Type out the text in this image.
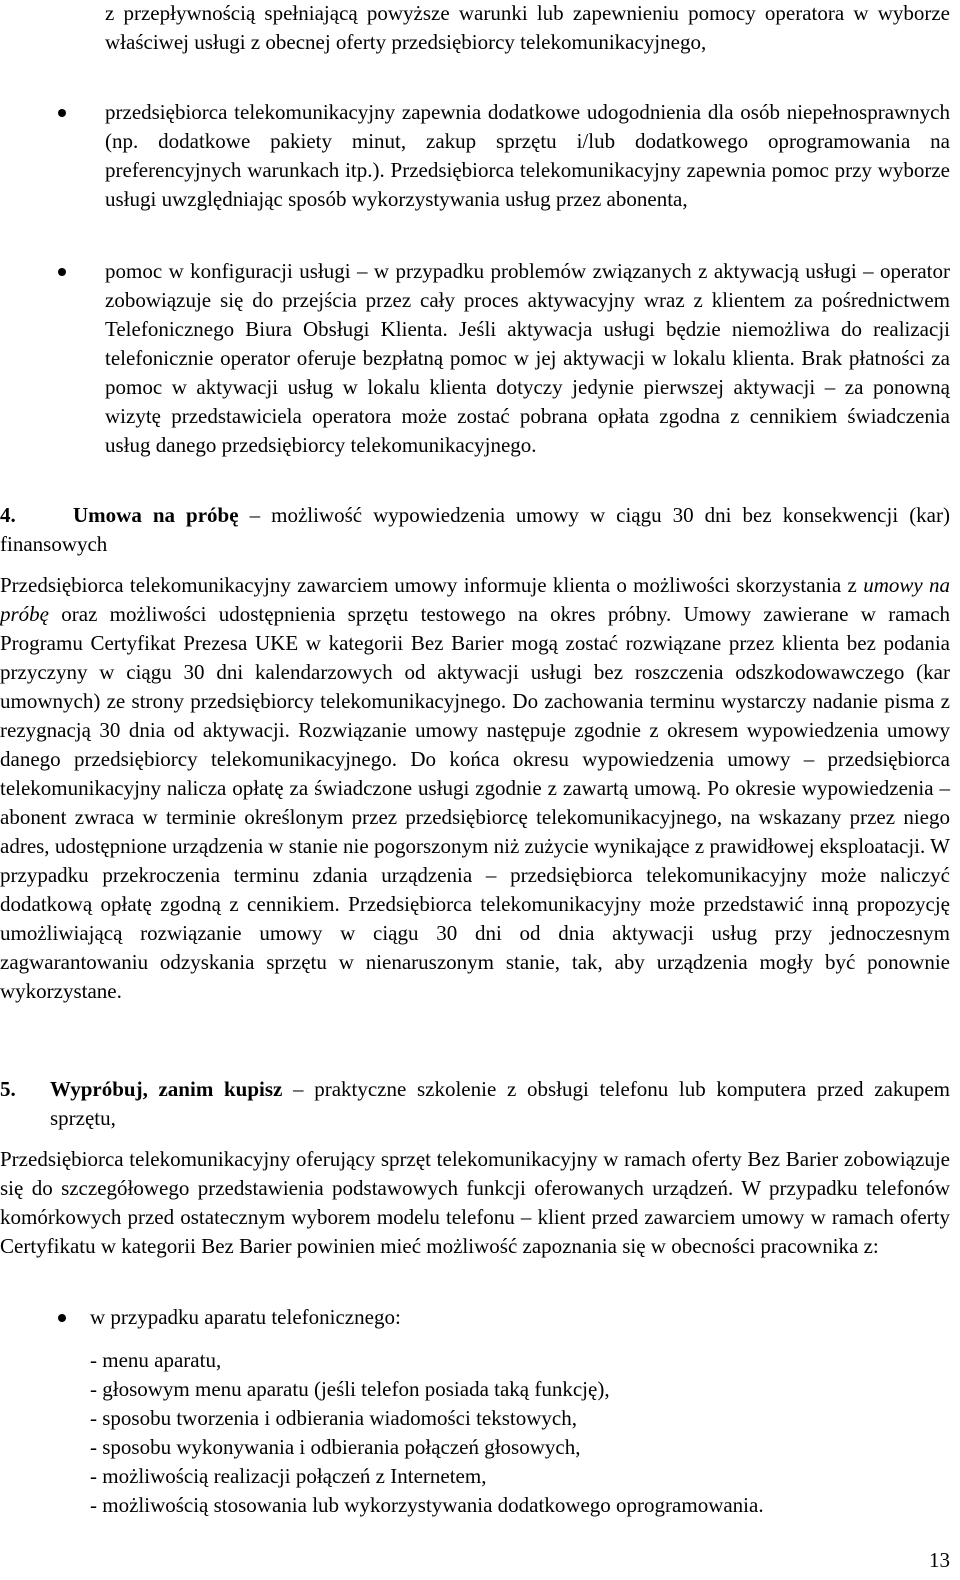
z przepływnością spełniającą powyższe warunki lub zapewnieniu pomocy operatora w wyborze właściwej usługi z obecnej oferty przedsiębiorcy telekomunikacyjnego,

przedsiębiorca telekomunikacyjny zapewnia dodatkowe udogodnienia dla osób niepełnosprawnych (np. dodatkowe pakiety minut, zakup sprzętu i/lub dodatkowego oprogramowania na preferencyjnych warunkach itp.). Przedsiębiorca telekomunikacyjny zapewnia pomoc przy wyborze usługi uwzględniając sposób wykorzystywania usług przez abonenta,

pomoc w konfiguracji usługi – w przypadku problemów związanych z aktywacją usługi – operator zobowiązuje się do przejścia przez cały proces aktywacyjny wraz z klientem za pośrednictwem Telefonicznego Biura Obsługi Klienta. Jeśli aktywacja usługi będzie niemożliwa do realizacji telefonicznie operator oferuje bezpłatną pomoc w jej aktywacji w lokalu klienta. Brak płatności za pomoc w aktywacji usług w lokalu klienta dotyczy jedynie pierwszej aktywacji – za ponowną wizytę przedstawiciela operatora może zostać pobrana opłata zgodna z cennikiem świadczenia usług danego przedsiębiorcy telekomunikacyjnego.

4.	Umowa na próbę – możliwość wypowiedzenia umowy w ciągu 30 dni bez konsekwencji (kar) finansowych

Przedsiębiorca telekomunikacyjny zawarciem umowy informuje klienta o możliwości skorzystania z umowy na próbę oraz możliwości udostępnienia sprzętu testowego na okres próbny. Umowy zawierane w ramach Programu Certyfikat Prezesa UKE w kategorii Bez Barier mogą zostać rozwiązane przez klienta bez podania przyczyny w ciągu 30 dni kalendarzowych od aktywacji usługi bez roszczenia odszkodowawczego (kar umownych) ze strony przedsiębiorcy telekomunikacyjnego. Do zachowania terminu wystarczy nadanie pisma z rezygnacją 30 dnia od aktywacji. Rozwiązanie umowy następuje zgodnie z okresem wypowiedzenia umowy danego przedsiębiorcy telekomunikacyjnego. Do końca okresu wypowiedzenia umowy – przedsiębiorca telekomunikacyjny nalicza opłatę za świadczone usługi zgodnie z zawartą umową. Po okresie wypowiedzenia – abonent zwraca w terminie określonym przez przedsiębiorcę telekomunikacyjnego, na wskazany przez niego adres, udostępnione urządzenia w stanie nie pogorszonym niż zużycie wynikające z prawidłowej eksploatacji. W przypadku przekroczenia terminu zdania urządzenia – przedsiębiorca telekomunikacyjny może naliczyć dodatkową opłatę zgodną z cennikiem. Przedsiębiorca telekomunikacyjny może przedstawić inną propozycję umożliwiającą rozwiązanie umowy w ciągu 30 dni od dnia aktywacji usług przy jednoczesnym zagwarantowaniu odzyskania sprzętu w nienaruszonym stanie, tak, aby urządzenia mogły być ponownie wykorzystane.

5. Wypróbuj, zanim kupisz – praktyczne szkolenie z obsługi telefonu lub komputera przed zakupem sprzętu,

Przedsiębiorca telekomunikacyjny oferujący sprzęt telekomunikacyjny w ramach oferty Bez Barier zobowiązuje się do szczegółowego przedstawienia podstawowych funkcji oferowanych urządzeń. W przypadku telefonów komórkowych przed ostatecznym wyborem modelu telefonu – klient przed zawarciem umowy w ramach oferty Certyfikatu w kategorii Bez Barier powinien mieć możliwość zapoznania się w obecności pracownika z:

w przypadku aparatu telefonicznego:

- menu aparatu,
- głosowym menu aparatu (jeśli telefon posiada taką funkcję),
- sposobu tworzenia i odbierania wiadomości tekstowych,
- sposobu wykonywania i odbierania połączeń głosowych,
- możliwością realizacji połączeń z Internetem,
- możliwością stosowania lub wykorzystywania dodatkowego oprogramowania.
13
